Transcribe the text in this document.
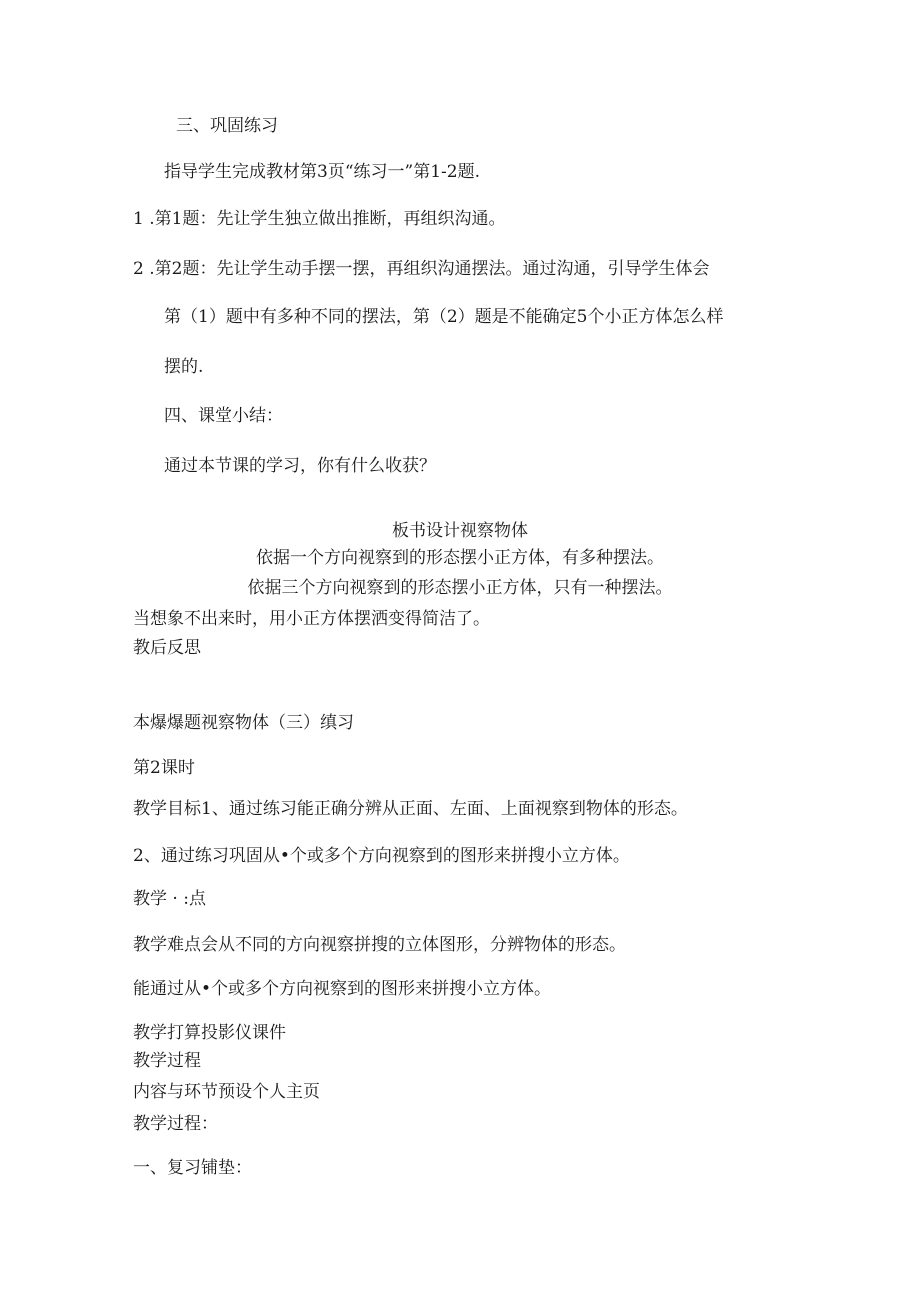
三、巩固练习
指导学生完成教材第3页“练习一”第1-2题.
1 .第1题：先让学生独立做出推断，再组织沟通。
2 .第2题：先让学生动手摆一摆，再组织沟通摆法。通过沟通，引导学生体会
第（1）题中有多种不同的摆法，第（2）题是不能确定5个小正方体怎么样
摆的.
四、课堂小结：
通过本节课的学习，你有什么收获？
板书设计视察物体
依据一个方向视察到的形态摆小正方体，有多种摆法。
依据三个方向视察到的形态摆小正方体，只有一种摆法。
当想象不出来时，用小正方体摆洒变得简洁了。
教后反思
本爆爆题视察物体（三）缜习
第2课时
教学目标1、通过练习能正确分辨从正面、左面、上面视察到物体的形态。
2、通过练习巩固从•个或多个方向视察到的图形来拼搜小立方体。
教学 · :点
教学难点会从不同的方向视察拼搜的立体图形，分辨物体的形态。
能通过从•个或多个方向视察到的图形来拼搜小立方体。
教学打算投影仪课件
教学过程
内容与环节预设个人主页
教学过程：
一、复习铺垫：
